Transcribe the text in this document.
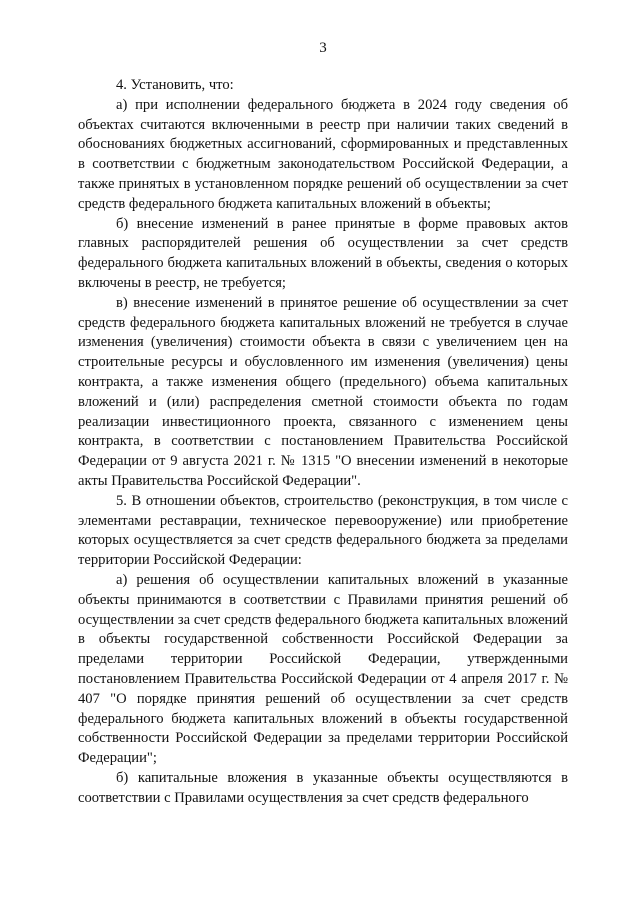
3

4. Установить, что:

а) при исполнении федерального бюджета в 2024 году сведения об объектах считаются включенными в реестр при наличии таких сведений в обоснованиях бюджетных ассигнований, сформированных и представленных в соответствии с бюджетным законодательством Российской Федерации, а также принятых в установленном порядке решений об осуществлении за счет средств федерального бюджета капитальных вложений в объекты;

б) внесение изменений в ранее принятые в форме правовых актов главных распорядителей решения об осуществлении за счет средств федерального бюджета капитальных вложений в объекты, сведения о которых включены в реестр, не требуется;

в) внесение изменений в принятое решение об осуществлении за счет средств федерального бюджета капитальных вложений не требуется в случае изменения (увеличения) стоимости объекта в связи с увеличением цен на строительные ресурсы и обусловленного им изменения (увеличения) цены контракта, а также изменения общего (предельного) объема капитальных вложений и (или) распределения сметной стоимости объекта по годам реализации инвестиционного проекта, связанного с изменением цены контракта, в соответствии с постановлением Правительства Российской Федерации от 9 августа 2021 г. № 1315 "О внесении изменений в некоторые акты Правительства Российской Федерации".

5. В отношении объектов, строительство (реконструкция, в том числе с элементами реставрации, техническое перевооружение) или приобретение которых осуществляется за счет средств федерального бюджета за пределами территории Российской Федерации:

а) решения об осуществлении капитальных вложений в указанные объекты принимаются в соответствии с Правилами принятия решений об осуществлении за счет средств федерального бюджета капитальных вложений в объекты государственной собственности Российской Федерации за пределами территории Российской Федерации, утвержденными постановлением Правительства Российской Федерации от 4 апреля 2017 г. № 407 "О порядке принятия решений об осуществлении за счет средств федерального бюджета капитальных вложений в объекты государственной собственности Российской Федерации за пределами территории Российской Федерации";

б) капитальные вложения в указанные объекты осуществляются в соответствии с Правилами осуществления за счет средств федерального
